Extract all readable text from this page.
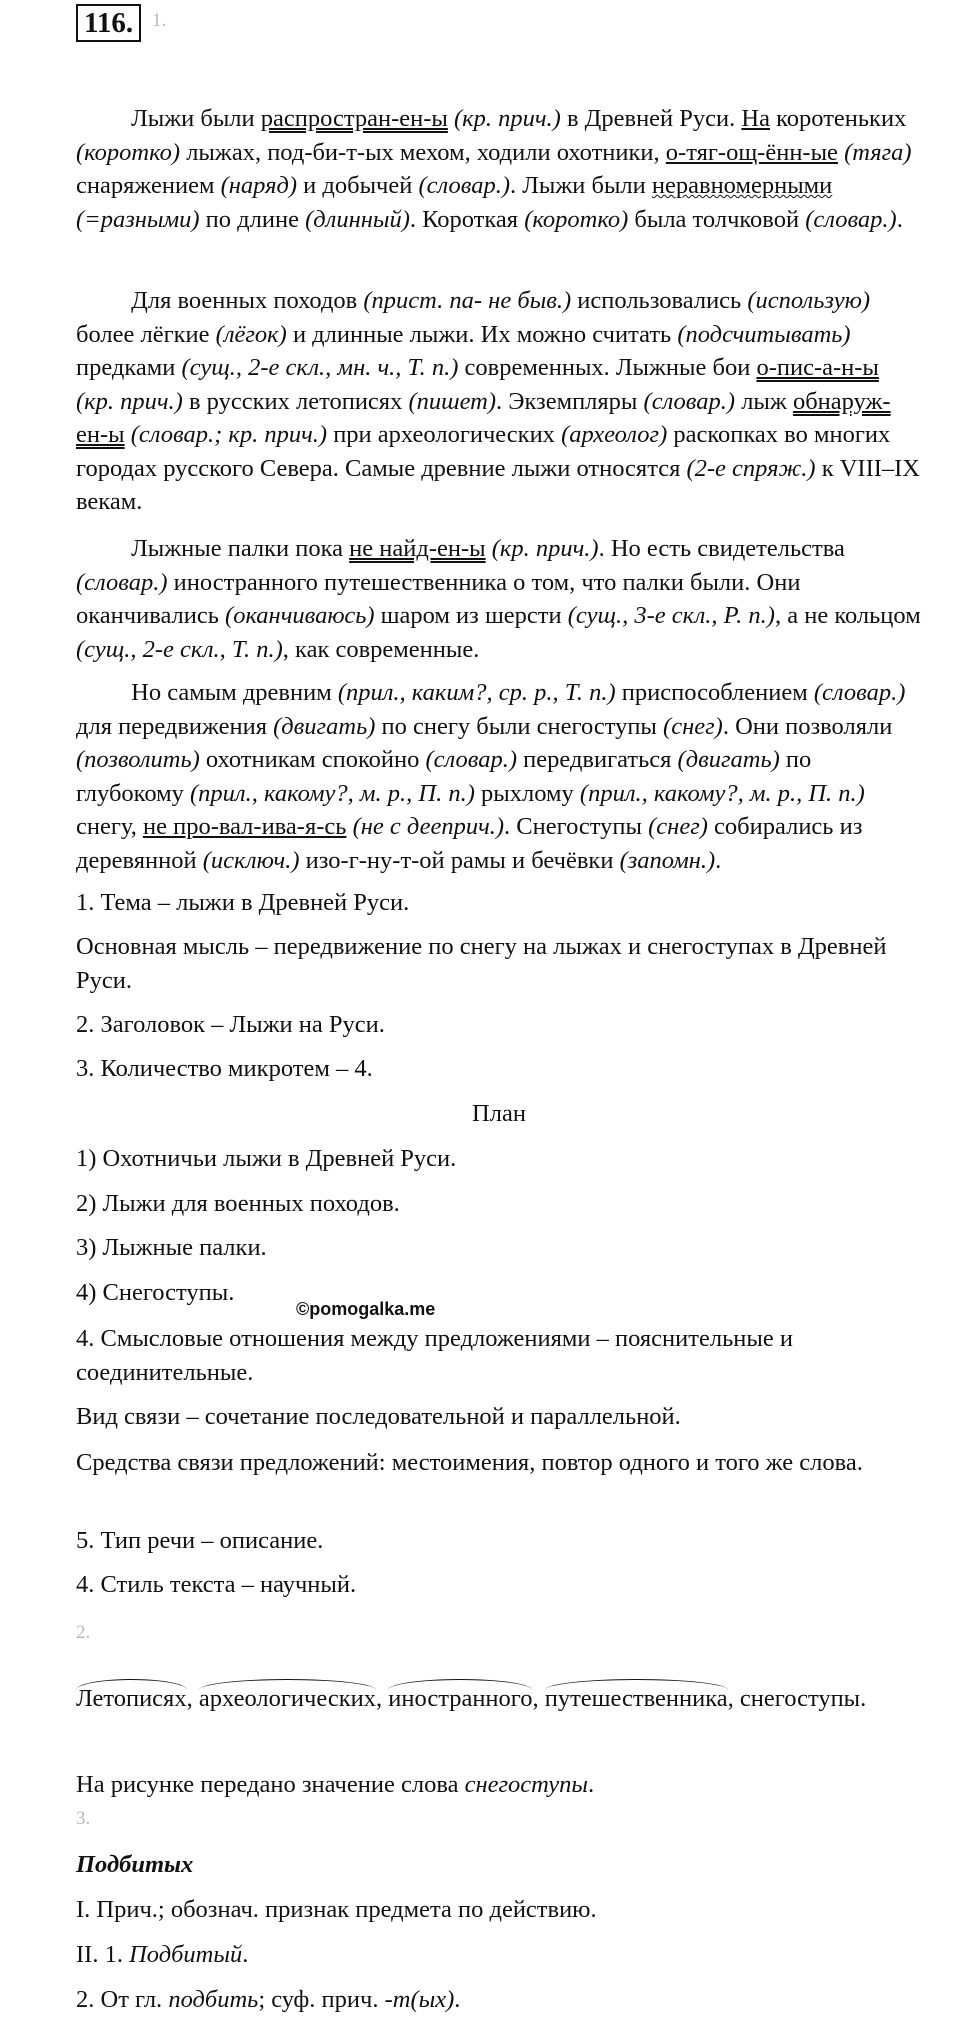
116. 1.

Лыжи были распростран-ен-ы (кр. прич.) в Древней Руси. На коротеньких (коротко) лыжах, под-би-т-ых мехом, ходили охотники, о-тяг-ощ-ённ-ые (тяга) снаряжением (наряд) и добычей (словар.). Лыжи были неравномерными (=разными) по длине (длинный). Короткая (коротко) была толчковой (словар.).

Для военных походов (прист. па- не быв.) использовались (использую) более лёгкие (лёгок) и длинные лыжи. Их можно считать (подсчитывать) предками (сущ., 2-е скл., мн. ч., Т. п.) современных. Лыжные бои о-пис-а-н-ы (кр. прич.) в русских летописях (пишет). Экземпляры (словар.) лыж обнаруж-ен-ы (словар.; кр. прич.) при археологических (археолог) раскопках во многих городах русского Севера. Самые древние лыжи относятся (2-е спряж.) к VIII–IX векам.

Лыжные палки пока не найд-ен-ы (кр. прич.). Но есть свидетельства (словар.) иностранного путешественника о том, что палки были. Они оканчивались (оканчиваюсь) шаром из шерсти (сущ., 3-е скл., Р. п.), а не кольцом (сущ., 2-е скл., Т. п.), как современные.

Но самым древним (прил., каким?, ср. р., Т. п.) приспособлением (словар.) для передвижения (двигать) по снегу были снегоступы (снег). Они позволяли (позволить) охотникам спокойно (словар.) передвигаться (двигать) по глубокому (прил., какому?, м. р., П. п.) рыхлому (прил., какому?, м. р., П. п.) снегу, не про-вал-ива-я-сь (не с дееприч.). Снегоступы (снег) собирались из деревянной (исключ.) изо-г-ну-т-ой рамы и бечёвки (запомн.).

1. Тема – лыжи в Древней Руси.
Основная мысль – передвижение по снегу на лыжах и снегоступах в Древней Руси.
2. Заголовок – Лыжи на Руси.
3. Количество микротем – 4.
План
1) Охотничьи лыжи в Древней Руси.
2) Лыжи для военных походов.
3) Лыжные палки.
4) Снегоступы.
©pomogalka.me
4. Смысловые отношения между предложениями – пояснительные и соединительные.
Вид связи – сочетание последовательной и параллельной.
Средства связи предложений: местоимения, повтор одного и того же слова.
5. Тип речи – описание.
4. Стиль текста – научный.
2.
Летописях, археологических, иностранного, путешественника, снегоступы.
На рисунке передано значение слова снегоступы.
3.
Подбитых
I. Прич.; обознач. признак предмета по действию.
II. 1. Подбитый.
2. От гл. подбить; суф. прич. -т(ых).
